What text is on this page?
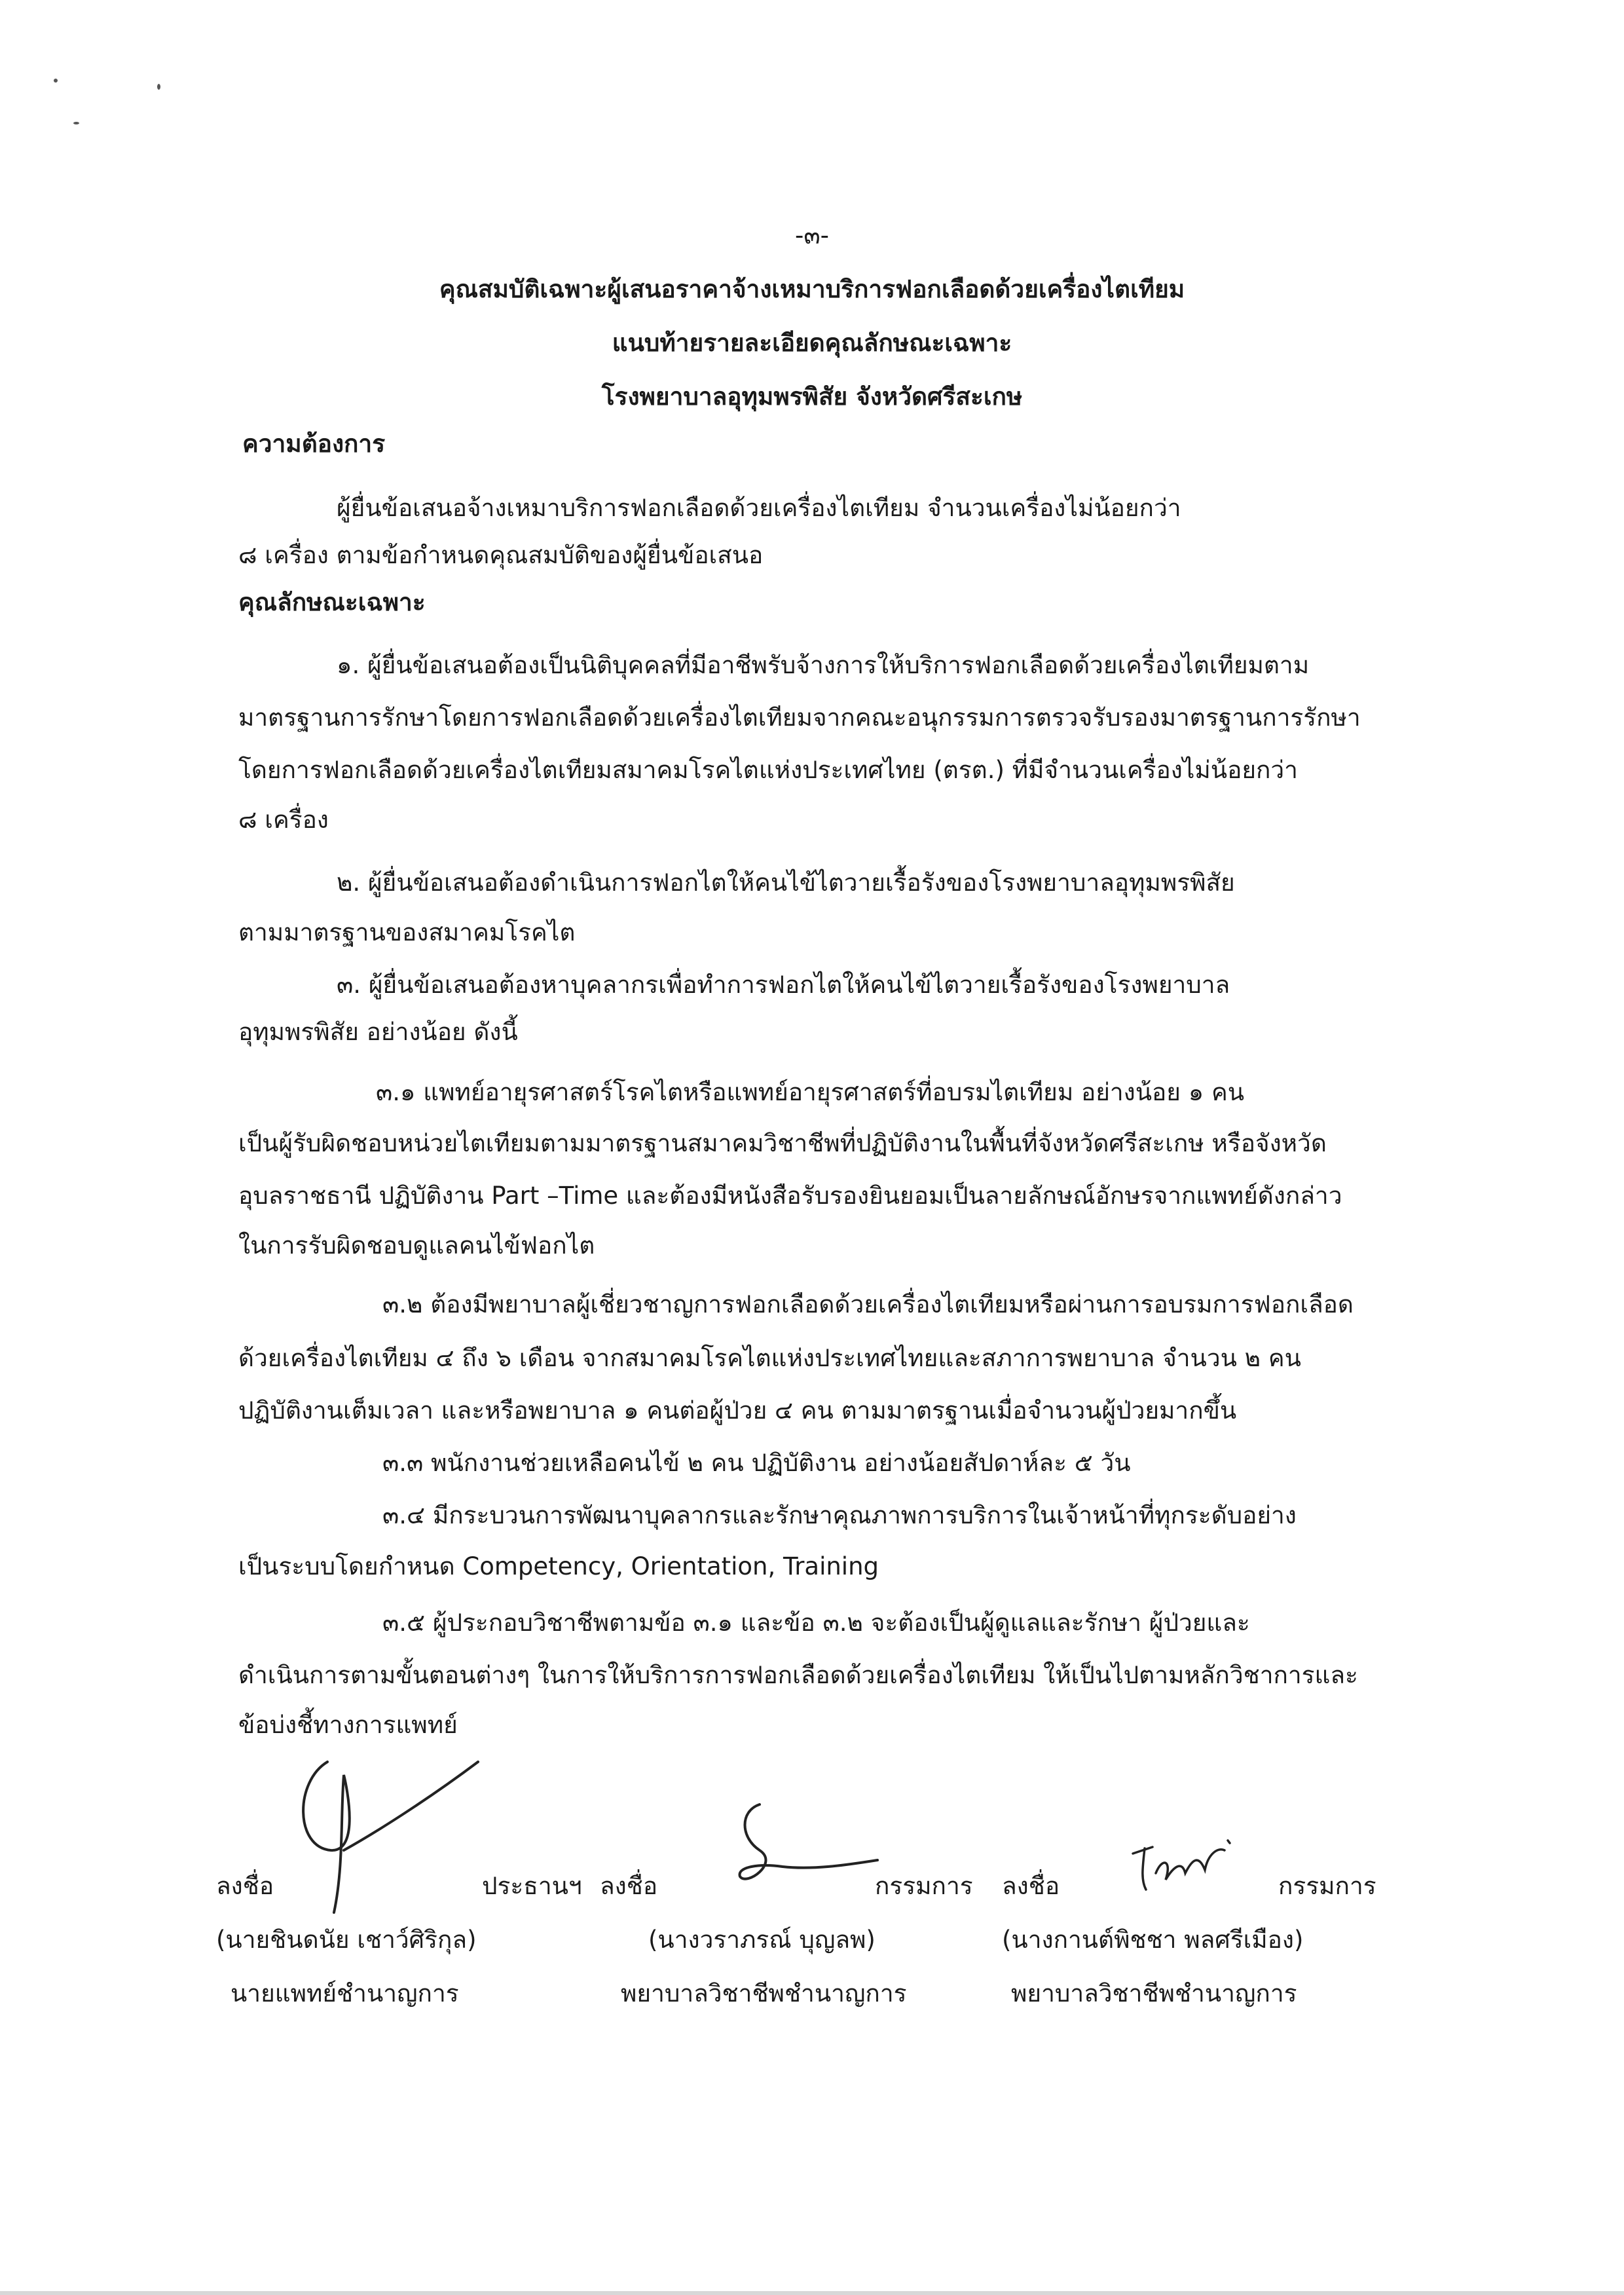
-๓-
คุณสมบัติเฉพาะผู้เสนอราคาจ้างเหมาบริการฟอกเลือดด้วยเครื่องไตเทียม
แนบท้ายรายละเอียดคุณลักษณะเฉพาะ
โรงพยาบาลอุทุมพรพิสัย จังหวัดศรีสะเกษ
ความต้องการ
ผู้ยื่นข้อเสนอจ้างเหมาบริการฟอกเลือดด้วยเครื่องไตเทียม จำนวนเครื่องไม่น้อยกว่า
๘ เครื่อง ตามข้อกำหนดคุณสมบัติของผู้ยื่นข้อเสนอ
คุณลักษณะเฉพาะ
๑. ผู้ยื่นข้อเสนอต้องเป็นนิติบุคคลที่มีอาชีพรับจ้างการให้บริการฟอกเลือดด้วยเครื่องไตเทียมตาม
มาตรฐานการรักษาโดยการฟอกเลือดด้วยเครื่องไตเทียมจากคณะอนุกรรมการตรวจรับรองมาตรฐานการรักษา
โดยการฟอกเลือดด้วยเครื่องไตเทียมสมาคมโรคไตแห่งประเทศไทย (ตรต.) ที่มีจำนวนเครื่องไม่น้อยกว่า
๘ เครื่อง
๒. ผู้ยื่นข้อเสนอต้องดำเนินการฟอกไตให้คนไข้ไตวายเรื้อรังของโรงพยาบาลอุทุมพรพิสัย
ตามมาตรฐานของสมาคมโรคไต
๓. ผู้ยื่นข้อเสนอต้องหาบุคลากรเพื่อทำการฟอกไตให้คนไข้ไตวายเรื้อรังของโรงพยาบาล
อุทุมพรพิสัย อย่างน้อย ดังนี้
๓.๑ แพทย์อายุรศาสตร์โรคไตหรือแพทย์อายุรศาสตร์ที่อบรมไตเทียม อย่างน้อย ๑ คน
เป็นผู้รับผิดชอบหน่วยไตเทียมตามมาตรฐานสมาคมวิชาชีพที่ปฏิบัติงานในพื้นที่จังหวัดศรีสะเกษ หรือจังหวัด
อุบลราชธานี ปฏิบัติงาน Part –Time และต้องมีหนังสือรับรองยินยอมเป็นลายลักษณ์อักษรจากแพทย์ดังกล่าว
ในการรับผิดชอบดูแลคนไข้ฟอกไต
๓.๒ ต้องมีพยาบาลผู้เชี่ยวชาญการฟอกเลือดด้วยเครื่องไตเทียมหรือผ่านการอบรมการฟอกเลือด
ด้วยเครื่องไตเทียม ๔ ถึง ๖ เดือน จากสมาคมโรคไตแห่งประเทศไทยและสภาการพยาบาล จำนวน ๒ คน
ปฏิบัติงานเต็มเวลา และหรือพยาบาล ๑ คนต่อผู้ป่วย ๔ คน ตามมาตรฐานเมื่อจำนวนผู้ป่วยมากขึ้น
๓.๓ พนักงานช่วยเหลือคนไข้ ๒ คน ปฏิบัติงาน อย่างน้อยสัปดาห์ละ ๕ วัน
๓.๔ มีกระบวนการพัฒนาบุคลากรและรักษาคุณภาพการบริการในเจ้าหน้าที่ทุกระดับอย่าง
เป็นระบบโดยกำหนด Competency, Orientation, Training
๓.๕ ผู้ประกอบวิชาชีพตามข้อ ๓.๑ และข้อ ๓.๒ จะต้องเป็นผู้ดูแลและรักษา ผู้ป่วยและ
ดำเนินการตามขั้นตอนต่างๆ ในการให้บริการการฟอกเลือดด้วยเครื่องไตเทียม ให้เป็นไปตามหลักวิชาการและ
ข้อบ่งชี้ทางการแพทย์
ลงชื่อ	ประธานฯ ลงชื่อ	กรรมการ ลงชื่อ	กรรมการ
(นายชินดนัย เชาว์ศิริกุล)	(นางวราภรณ์ บุญลพ)	(นางกานต์พิชชา พลศรีเมือง)
นายแพทย์ชำนาญการ	พยาบาลวิชาชีพชำนาญการ	พยาบาลวิชาชีพชำนาญการ
